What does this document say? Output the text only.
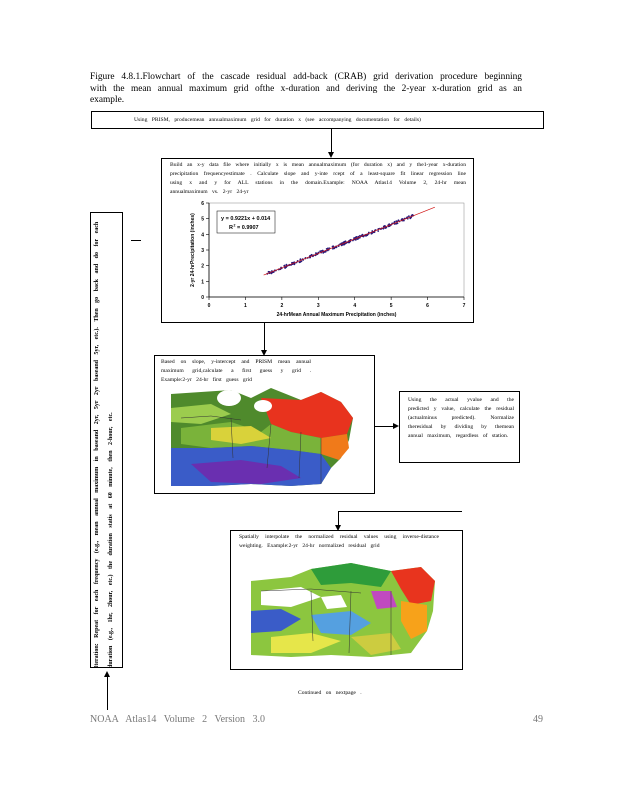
Figure 4.8.1.Flowchart of the cascade residual add-back (CRAB) grid derivation procedure beginning with the mean annual maximum grid ofthe x-duration and deriving the 2-year x-duration grid as an example.
Using PRISM, producemean annualmaximum grid for duration x (see accompanying documentation for details)
Build an x-y data file where initially x is mean annualmaximum (for duration x) and y the1-year x-duration precipitation frequencyestimate . Calculate slope and y-inte rcept of a least-square fit linear regression line using x and y for ALL stations in the domain.Example: NOAA Atlas14 Volume 2, 24-hr mean annualmaximum vs. 2-yr 24-yr
0	1	2	3	4	5	6	7
0
1
2
3
4
5
6
24-hrMean Annual Maximum Precipitation (inches)
2-yr 24-hrPrecipitation (inches)	y = 0.9221x + 0.014
R 2 = 0.9907
Based on slope, y-intercept and PRISM mean annual maximum grid,calculate a first guess y grid . Example:2-yr 24-hr first guess grid
Using the actual yvalue and the predicted y value, calculate the residual (actualminus predicted). Normalize theresidual by dividing by themean annual maximum, regardless of station.
Spatially interpolate the normalized residual values using inverse-distance weighting. Example:2-yr 24-hr normalized residual grid
Continued on nextpage .
Iteration: Repeat for each frequency (e.g., mean annual maximum in baseand 2yr, 5yr 2yr baseand 5yr, etc.). Then go back and do for each duration (e.g., 1hr, 2hour, etc.) the duration statis at 60 minute, then 2-hour, etc.
NOAA Atlas14 Volume 2 Version 3.0	49
